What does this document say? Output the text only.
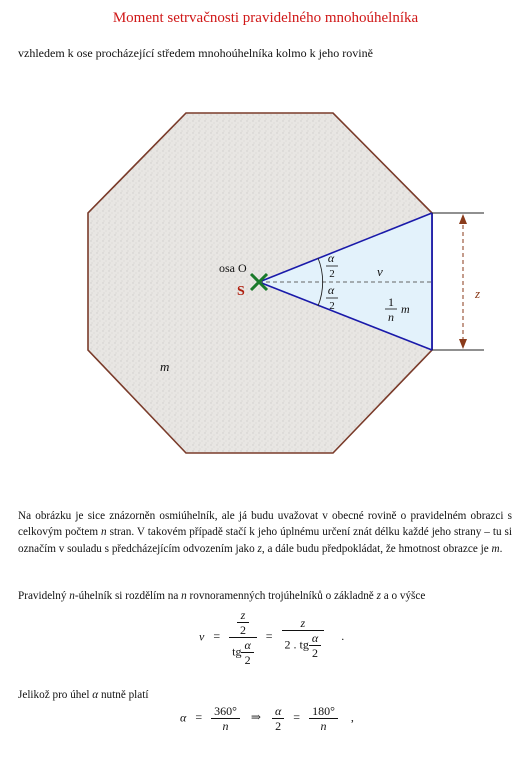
Moment setrvačnosti pravidelného mnohoúhelníka
vzhledem k ose procházející středem mnohoúhelníka kolmo k jeho rovině
osa O
S
α
2
α
2
v
1
n
m
z
m
Na obrázku je sice znázorněn osmiúhelník, ale já budu uvažovat v obecné rovině o pravidelném obrazci s celkovým počtem n stran. V takovém případě stačí k jeho úplnému určení znát délku každé jeho strany – tu si označím v souladu s předcházejícím odvozením jako z, a dále budu předpokládat, že hmotnost obrazce je m.
Pravidelný n-úhelník si rozdělím na n rovnoramenných trojúhelníků o základně z a o výšce
$v = \frac{\frac{z}{2}}{tg \frac{\alpha}{2}} = \frac{z}{2 . tg \frac{\alpha}{2}}$ .
Jelikož pro úhel α nutně platí
$\alpha = \frac{360^\circ}{n}$ ⇒ $\frac{\alpha}{2} = \frac{180^\circ}{n}$ ,
